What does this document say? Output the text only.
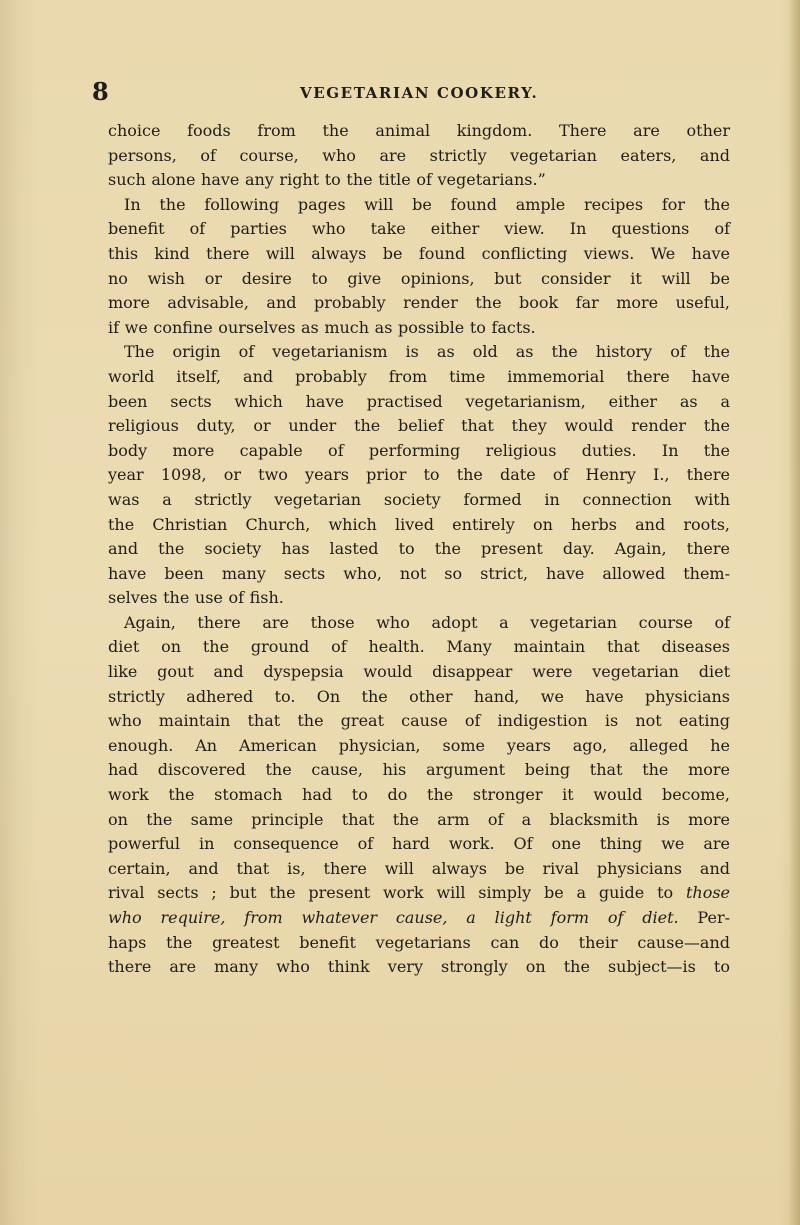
8	VEGETARIAN COOKERY.
choice foods from the animal kingdom. There are other
persons, of course, who are strictly vegetarian eaters, and
such alone have any right to the title of vegetarians.”
In the following pages will be found ample recipes for the
benefit of parties who take either view. In questions of
this kind there will always be found conflicting views. We have
no wish or desire to give opinions, but consider it will be
more advisable, and probably render the book far more useful,
if we confine ourselves as much as possible to facts.
The origin of vegetarianism is as old as the history of the
world itself, and probably from time immemorial there have
been sects which have practised vegetarianism, either as a
religious duty, or under the belief that they would render the
body more capable of performing religious duties. In the
year 1098, or two years prior to the date of Henry I., there
was a strictly vegetarian society formed in connection with
the Christian Church, which lived entirely on herbs and roots,
and the society has lasted to the present day. Again, there
have been many sects who, not so strict, have allowed them-
selves the use of fish.
Again, there are those who adopt a vegetarian course of
diet on the ground of health. Many maintain that diseases
like gout and dyspepsia would disappear were vegetarian diet
strictly adhered to. On the other hand, we have physicians
who maintain that the great cause of indigestion is not eating
enough. An American physician, some years ago, alleged he
had discovered the cause, his argument being that the more
work the stomach had to do the stronger it would become,
on the same principle that the arm of a blacksmith is more
powerful in consequence of hard work. Of one thing we are
certain, and that is, there will always be rival physicians and
rival sects ; but the present work will simply be a guide to those
who require, from whatever cause, a light form of diet. Per-
haps the greatest benefit vegetarians can do their cause—and
there are many who think very strongly on the subject—is to
